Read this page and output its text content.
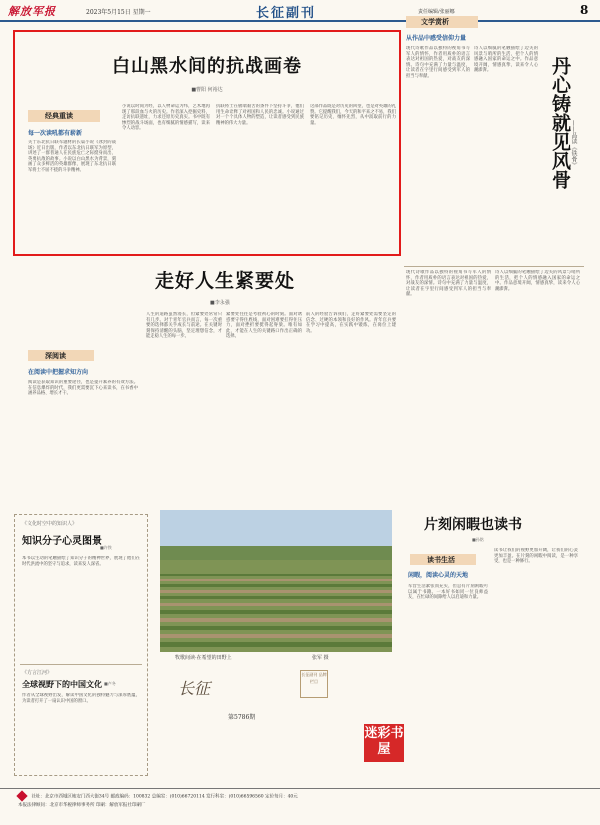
解放军报	2023年5月15日 星期一	长征副刊	责任编辑/张丽娜	8
白山黑水间的抗战画卷
■曹阳 何裕达
经典重读
每一次读吼都有崭新
关于东北抗日联军题材的长篇小说《冰封的战场》近日出版，作者以东北抗日联军为原型，讲述了一群普通人在民族危亡之际挺身而出、英勇抗敌的故事。小说以白山黑水为背景，刻画了众多鲜活的英雄群像，展现了东北抗日联军将士不屈不挠的斗争精神。
小说以时间为经，以人物命运为纬，艺术地再现了那段血与火的历史。作者深入挖掘史料，走访抗联遗址，力求还原历史真实。书中既有惨烈的战斗场面，也有细腻的情感描写，读来令人动容。
抗联将士在极端艰苦的条件下坚持斗争，他们用生命诠释了对祖国和人民的忠诚。小说通过对一个个具体人物的塑造，让读者感受到民族精神的伟大力量。
这部作品既是对历史的回望，也是对英雄的礼赞。它提醒我们，今天的和平来之不易，我们要铭记历史、缅怀先烈，从中汲取前行的力量。
文学赏析
从作品中感受信仰力量
现代诗歌作品以独特的视角书写军人的情怀，作者用质朴的语言表达对祖国的热爱，对战友的深情。诗句中充满了力量与温度，让读者在字里行间感受到军人的担当与奉献。
诗人以细腻的笔触描绘了边关的风景与哨所的生活，把个人的情感融入国家的命运之中。作品意境开阔，情感真挚，读来令人心潮澎湃。	丹心铸就见风骨 ——品读《铁骨》
现代诗歌作品以独特的视角书写军人的情怀，作者用质朴的语言表达对祖国的热爱，对战友的深情。诗句中充满了力量与温度，让读者在字里行间感受到军人的担当与奉献。
诗人以细腻的笔触描绘了边关的风景与哨所的生活，把个人的情感融入国家的命运之中。作品意境开阔，情感真挚，读来令人心潮澎湃。
走好人生紧要处
■李永强
深阅读
在阅读中把握求知方向
阅读是获取知识的重要途径，也是提升素养的有效方法。在信息爆炸的时代，我们更需要沉下心来读书，在书香中涵养品格、增长才干。
人生的道路虽然漫长，但紧要处常常只有几步。对于青年官兵而言，每一次重要的选择都关乎成长与前途。在关键时刻保持清醒的头脑，坚定理想信念，才能走稳人生的每一步。
紧要处往往是考验初心的时刻。面对诱惑要守得住底线，面对困难要扛得住压力，面对挫折要挺得起脊梁。唯有如此，才能在人生的关键路口作出正确的选择。
前人的经验告诉我们，走好紧要处需要坚定的信念、过硬的本领和良好的作风。青年官兵要在学习中提高，在实践中锻炼，在岗位上建功。
《文化时空中的知识人》
知识分子心灵图景
■许铁
本书以生动的笔触描绘了知识分子的精神世界，展现了他们在时代洪流中的坚守与追求，读来发人深省。
《方言江河》
全球视野下的中国文化 ■卢冬
作者从全球视野出发，解读中国文化的独特魅力与深厚底蕴，为读者打开了一扇认识中国的窗口。
牧歌间读·在希望的田野上	张军 摄
长征
长征副刊 品牌栏目
第5786期
迷彩书屋
片刻闲暇也读书
■孙铭
读书生活
闲暇，阅读心灵的天地
军营生活紧张而充实，但总有片刻闲暇可以属于书籍。一本好书如同一位良师益友，在忙碌的间隙给人以启迪和力量。
读书让我们的视野更加开阔，让我们的心灵更加丰盈。在片刻的闲暇中阅读，是一种享受，也是一种修行。
社址：北京市西城区地安门西大街34号 邮政编码：100832 总编室：(010)66720114 发行科室：(010)66596560 定价每月：40元
本报法律顾问：北京市华税律师事务所 印刷：解放军报社印刷厂
